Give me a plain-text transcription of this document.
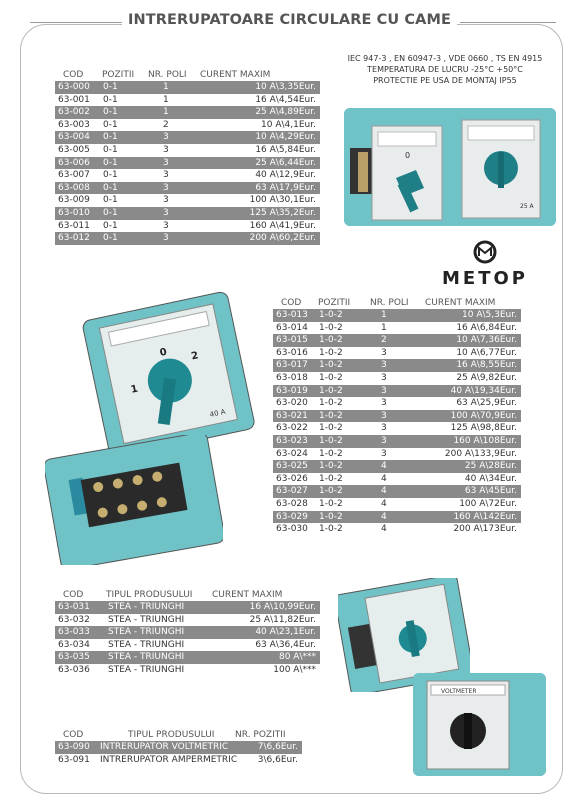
INTRERUPATOARE CIRCULARE CU CAME
IEC 947-3 , EN 60947-3 , VDE 0660 , TS EN 4915
TEMPERATURA DE LUCRU -25°C +50°C
PROTECTIE PE USA DE MONTAJ IP55
COD POZITII NR. POLI CURENT MAXIM
63-000 0-1	1	10 A\3,35Eur.
63-001 0-1	1	16 A\4,54Eur.
63-002 0-1	1	25 A\4,89Eur.
63-003 0-1	2	10 A\4,1Eur.
63-004 0-1	3	10 A\4,29Eur.
63-005 0-1	3	16 A\5,84Eur.
63-006 0-1	3	25 A\6,44Eur.
63-007 0-1	3	40 A\12,9Eur.
63-008 0-1	3	63 A\17,9Eur.
63-009 0-1	3	100 A\30,1Eur.
63-010 0-1	3	125 A\35,2Eur.
63-011 0-1	3	160 A\41,9Eur.
63-012 0-1	3	200 A\60,2Eur.
COD POZITII NR. POLI CURENT MAXIM
63-013 1-0-2	1	10 A\5,3Eur.
63-014 1-0-2	1	16 A\6,84Eur.
63-015 1-0-2	2	10 A\7,36Eur.
63-016 1-0-2	3	10 A\6,77Eur.
63-017 1-0-2	3	16 A\8,55Eur.
63-018 1-0-2	3	25 A\9,82Eur.
63-019 1-0-2	3	40 A\19,34Eur.
63-020 1-0-2	3	63 A\25,9Eur.
63-021 1-0-2	3	100 A\70,9Eur.
63-022 1-0-2	3	125 A\98,8Eur.
63-023 1-0-2	3	160 A\108Eur.
63-024 1-0-2	3	200 A\133,9Eur.
63-025 1-0-2	4	25 A\28Eur.
63-026 1-0-2	4	40 A\34Eur.
63-027 1-0-2	4	63 A\45Eur.
63-028 1-0-2	4	100 A\72Eur.
63-029 1-0-2	4	160 A\142Eur.
63-030 1-0-2	4	200 A\173Eur.
COD	TIPUL PRODUSULUI CURENT MAXIM
63-031 STEA - TRIUNGHI	16 A\10,99Eur.
63-032 STEA - TRIUNGHI	25 A\11,82Eur.
63-033 STEA - TRIUNGHI	40 A\23,1Eur.
63-034 STEA - TRIUNGHI	63 A\36,4Eur.
63-035 STEA - TRIUNGHI	80 A\***
63-036 STEA - TRIUNGHI	100 A\***
COD	TIPUL PRODUSULUI NR. POZITII
63-090 INTRERUPATOR VOLTMETRIC	7\6,6Eur.
63-091 INTRERUPATOR AMPERMETRIC 3\6,6Eur.
0
25 A
METOP
0 2
1
40 A
VOLTMETER
